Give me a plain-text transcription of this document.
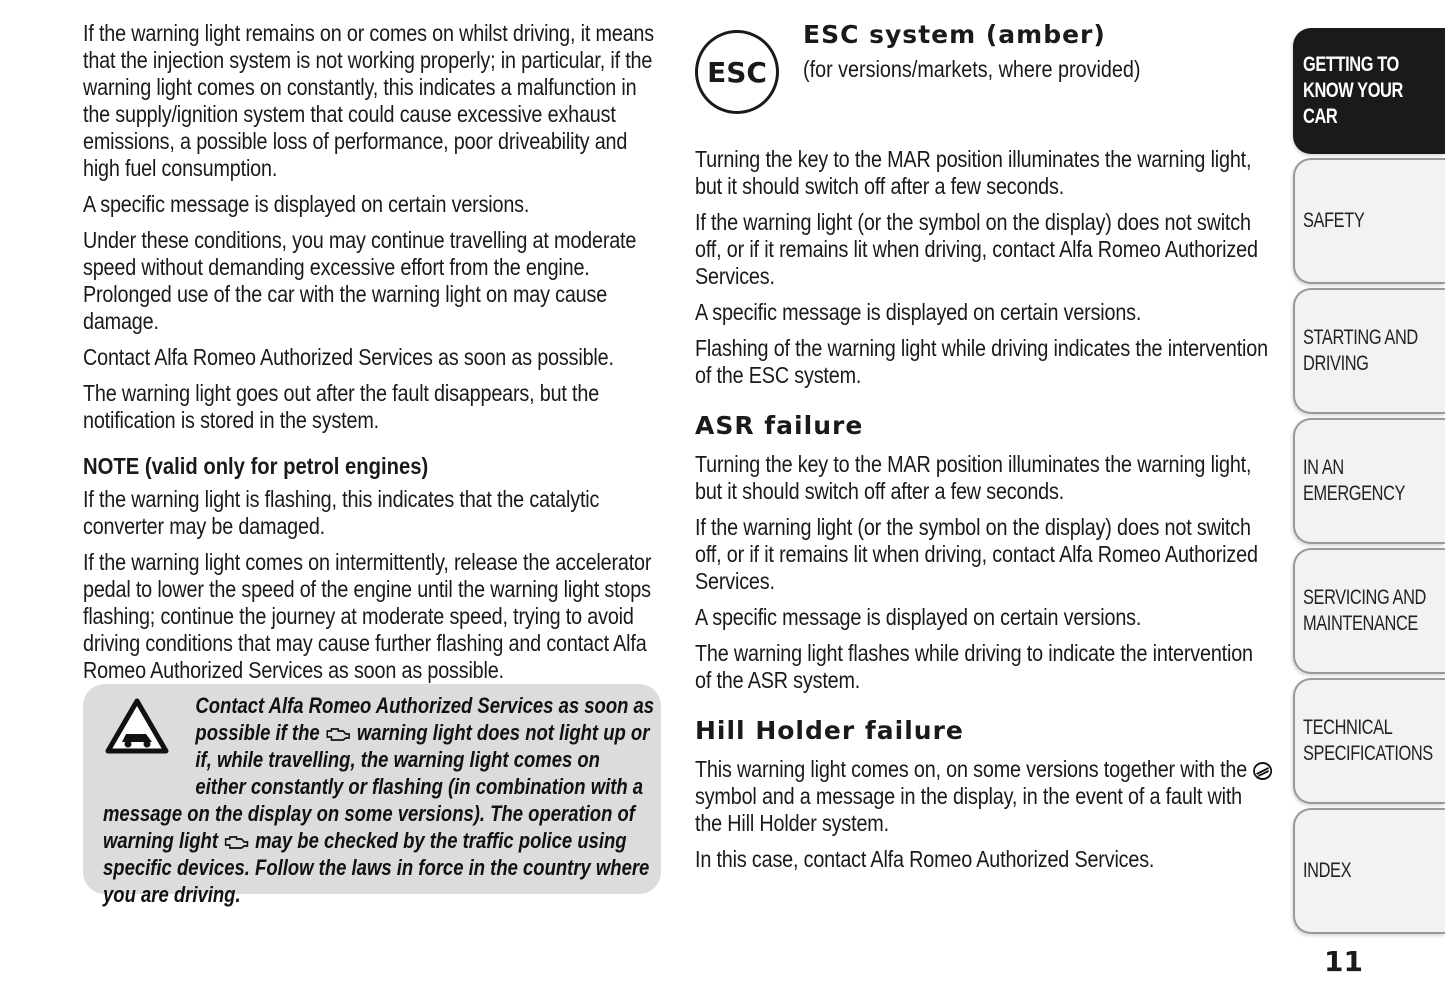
If the warning light remains on or comes on whilst driving, it means that the injection system is not working properly; in particular, if the warning light comes on constantly, this indicates a malfunction in the supply/ignition system that could cause excessive exhaust emissions, a possible loss of performance, poor driveability and high fuel consumption.

A specific message is displayed on certain versions.

Under these conditions, you may continue travelling at moderate speed without demanding excessive effort from the engine. Prolonged use of the car with the warning light on may cause damage.

Contact Alfa Romeo Authorized Services as soon as possible.

The warning light goes out after the fault disappears, but the notification is stored in the system.

NOTE (valid only for petrol engines)

If the warning light is flashing, this indicates that the catalytic converter may be damaged.

If the warning light comes on intermittently, release the accelerator pedal to lower the speed of the engine until the warning light stops flashing; continue the journey at moderate speed, trying to avoid driving conditions that may cause further flashing and contact Alfa Romeo Authorized Services as soon as possible.

Contact Alfa Romeo Authorized Services as soon as possible if the warning light does not light up or if, while travelling, the warning light comes on either constantly or flashing (in combination with a message on the display on some versions). The operation of warning light may be checked by the traffic police using specific devices. Follow the laws in force in the country where you are driving.
ESC
ESC system (amber)
(for versions/markets, where provided)

Turning the key to the MAR position illuminates the warning light, but it should switch off after a few seconds.

If the warning light (or the symbol on the display) does not switch off, or if it remains lit when driving, contact Alfa Romeo Authorized Services.

A specific message is displayed on certain versions.

Flashing of the warning light while driving indicates the intervention of the ESC system.

ASR failure

Turning the key to the MAR position illuminates the warning light, but it should switch off after a few seconds.

If the warning light (or the symbol on the display) does not switch off, or if it remains lit when driving, contact Alfa Romeo Authorized Services.

A specific message is displayed on certain versions.

The warning light flashes while driving to indicate the intervention of the ASR system.

Hill Holder failure

This warning light comes on, on some versions together with the  symbol and a message in the display, in the event of a fault with the Hill Holder system.

In this case, contact Alfa Romeo Authorized Services.

GETTING TO KNOW YOUR CAR
SAFETY
STARTING AND DRIVING
IN AN EMERGENCY
SERVICING AND MAINTENANCE
TECHNICAL SPECIFICATIONS
INDEX
11
